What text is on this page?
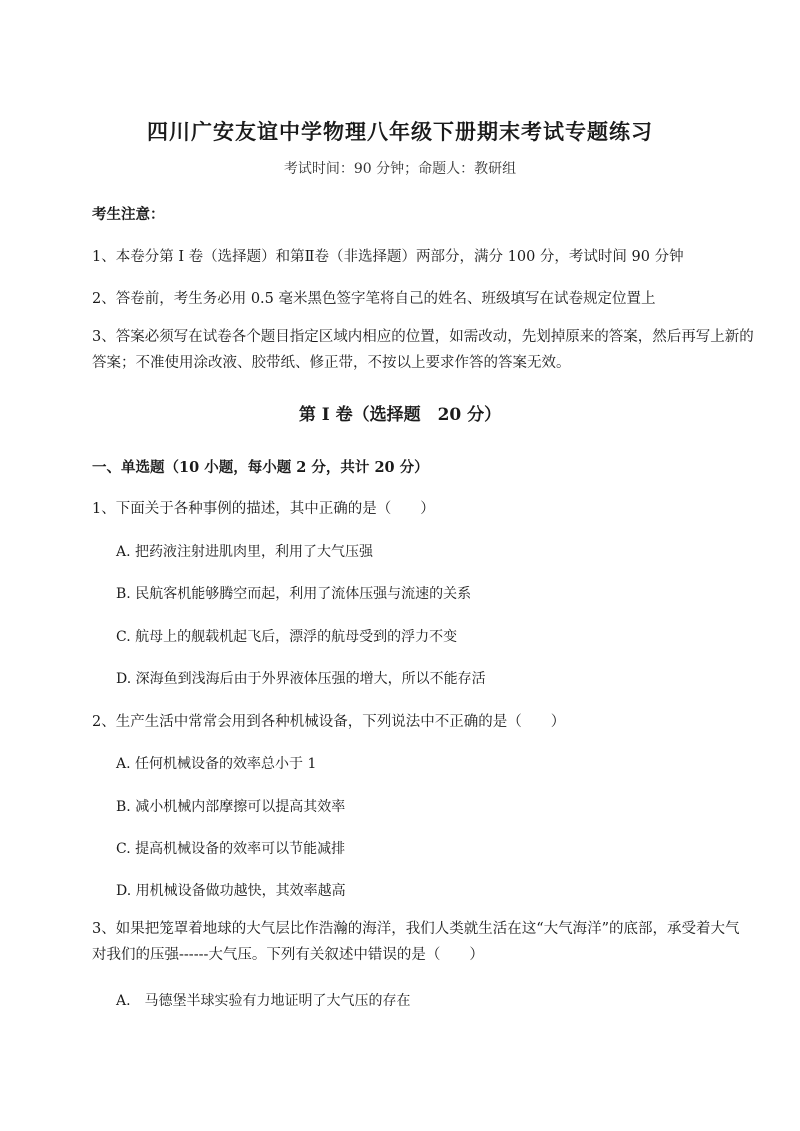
四川广安友谊中学物理八年级下册期末考试专题练习
考试时间：90 分钟；命题人：教研组
考生注意：
1、本卷分第 I 卷（选择题）和第Ⅱ卷（非选择题）两部分，满分 100 分，考试时间 90 分钟
2、答卷前，考生务必用 0.5 毫米黑色签字笔将自己的姓名、班级填写在试卷规定位置上
3、答案必须写在试卷各个题目指定区域内相应的位置，如需改动，先划掉原来的答案，然后再写上新的答案；不准使用涂改液、胶带纸、修正带，不按以上要求作答的答案无效。
第 I 卷（选择题　20 分）
一、单选题（10 小题，每小题 2 分，共计 20 分）
1、下面关于各种事例的描述，其中正确的是（　　）
A. 把药液注射进肌肉里，利用了大气压强
B. 民航客机能够腾空而起，利用了流体压强与流速的关系
C. 航母上的舰载机起飞后，漂浮的航母受到的浮力不变
D. 深海鱼到浅海后由于外界液体压强的增大，所以不能存活
2、生产生活中常常会用到各种机械设备，下列说法中不正确的是（　　）
A. 任何机械设备的效率总小于 1
B. 减小机械内部摩擦可以提高其效率
C. 提高机械设备的效率可以节能减排
D. 用机械设备做功越快，其效率越高
3、如果把笼罩着地球的大气层比作浩瀚的海洋，我们人类就生活在这“大气海洋”的底部，承受着大气对我们的压强------大气压。下列有关叙述中错误的是（　　）
A.　马德堡半球实验有力地证明了大气压的存在
